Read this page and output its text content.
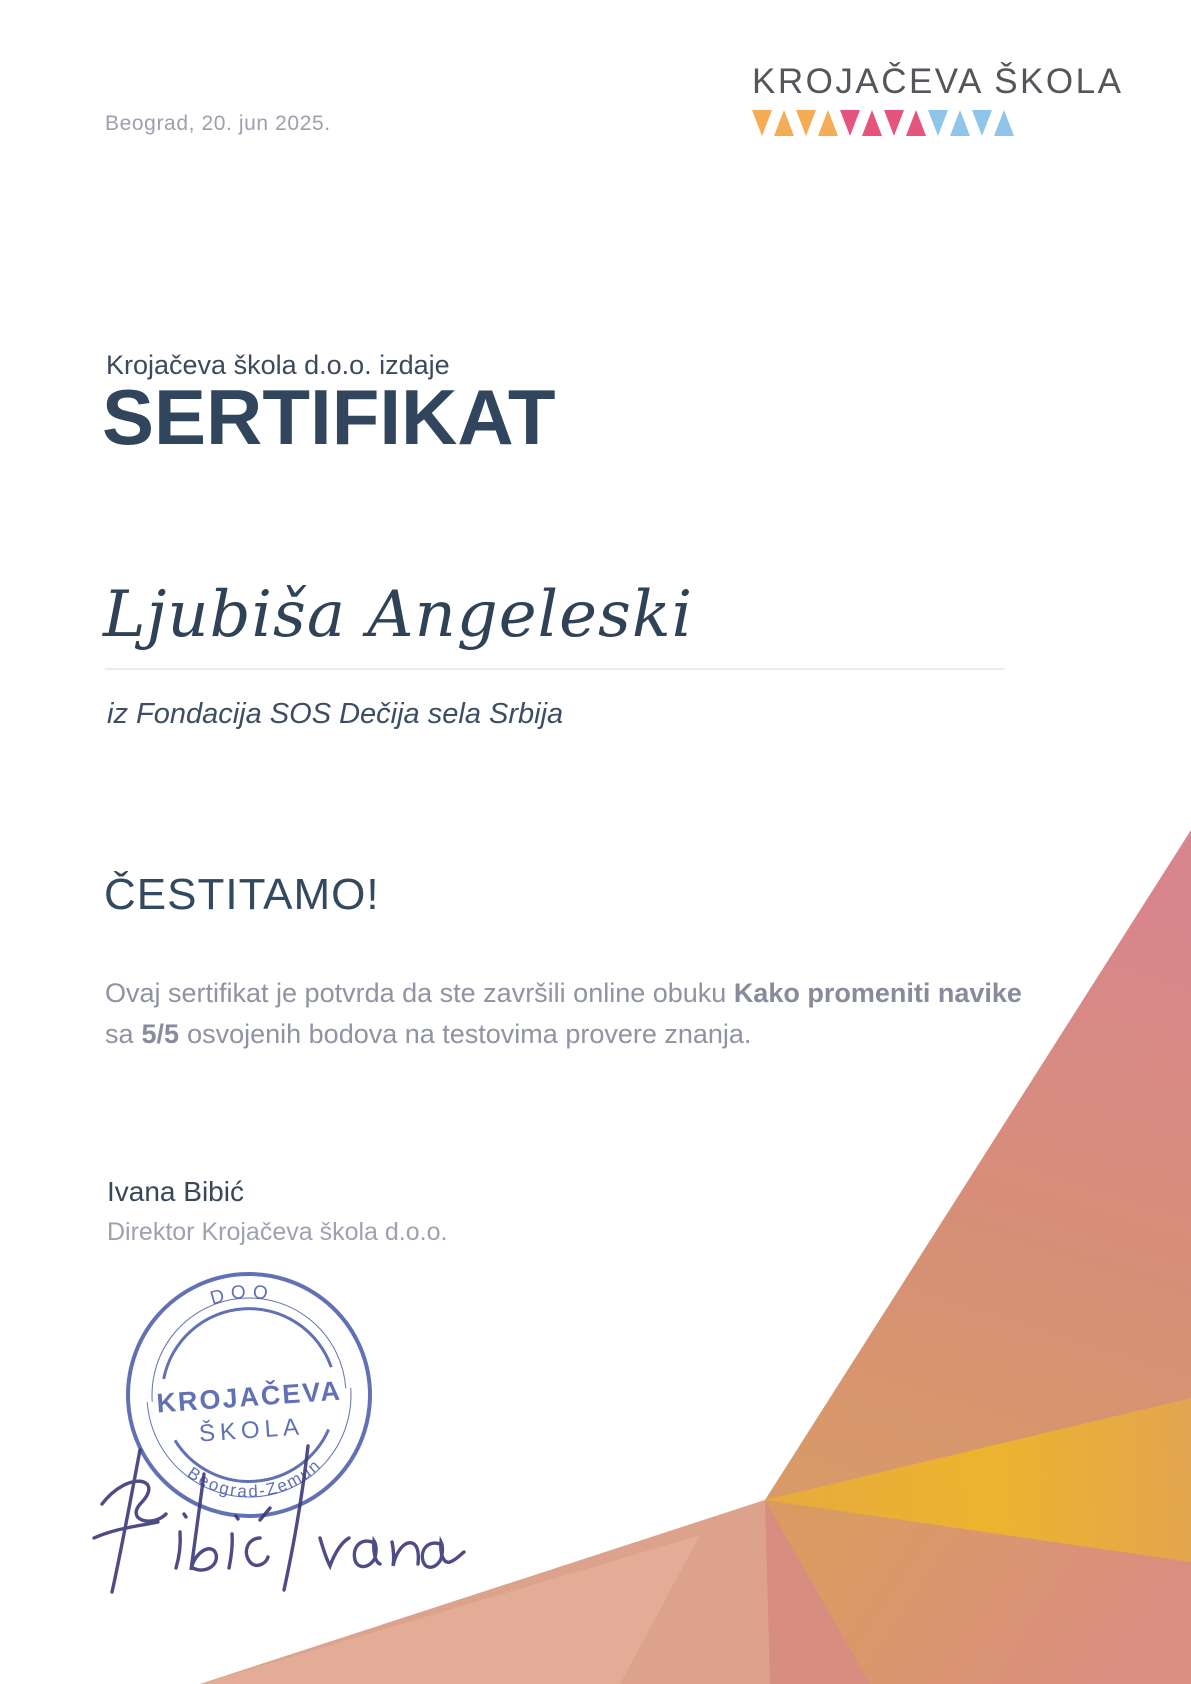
Beograd, 20. jun 2025.
KROJAČEVA ŠKOLA
Krojačeva škola d.o.o. izdaje
SERTIFIKAT
Ljubiša Angeleski
iz Fondacija SOS Dečija sela Srbija
ČESTITAMO!

Ovaj sertifikat je potvrda da ste završili online obuku Kako promeniti navike sa 5/5 osvojenih bodova na testovima provere znanja.

Ivana Bibić
Direktor Krojačeva škola d.o.o.
DOO
KROJAČEVA
ŠKOLA
Beograd-Zemun
